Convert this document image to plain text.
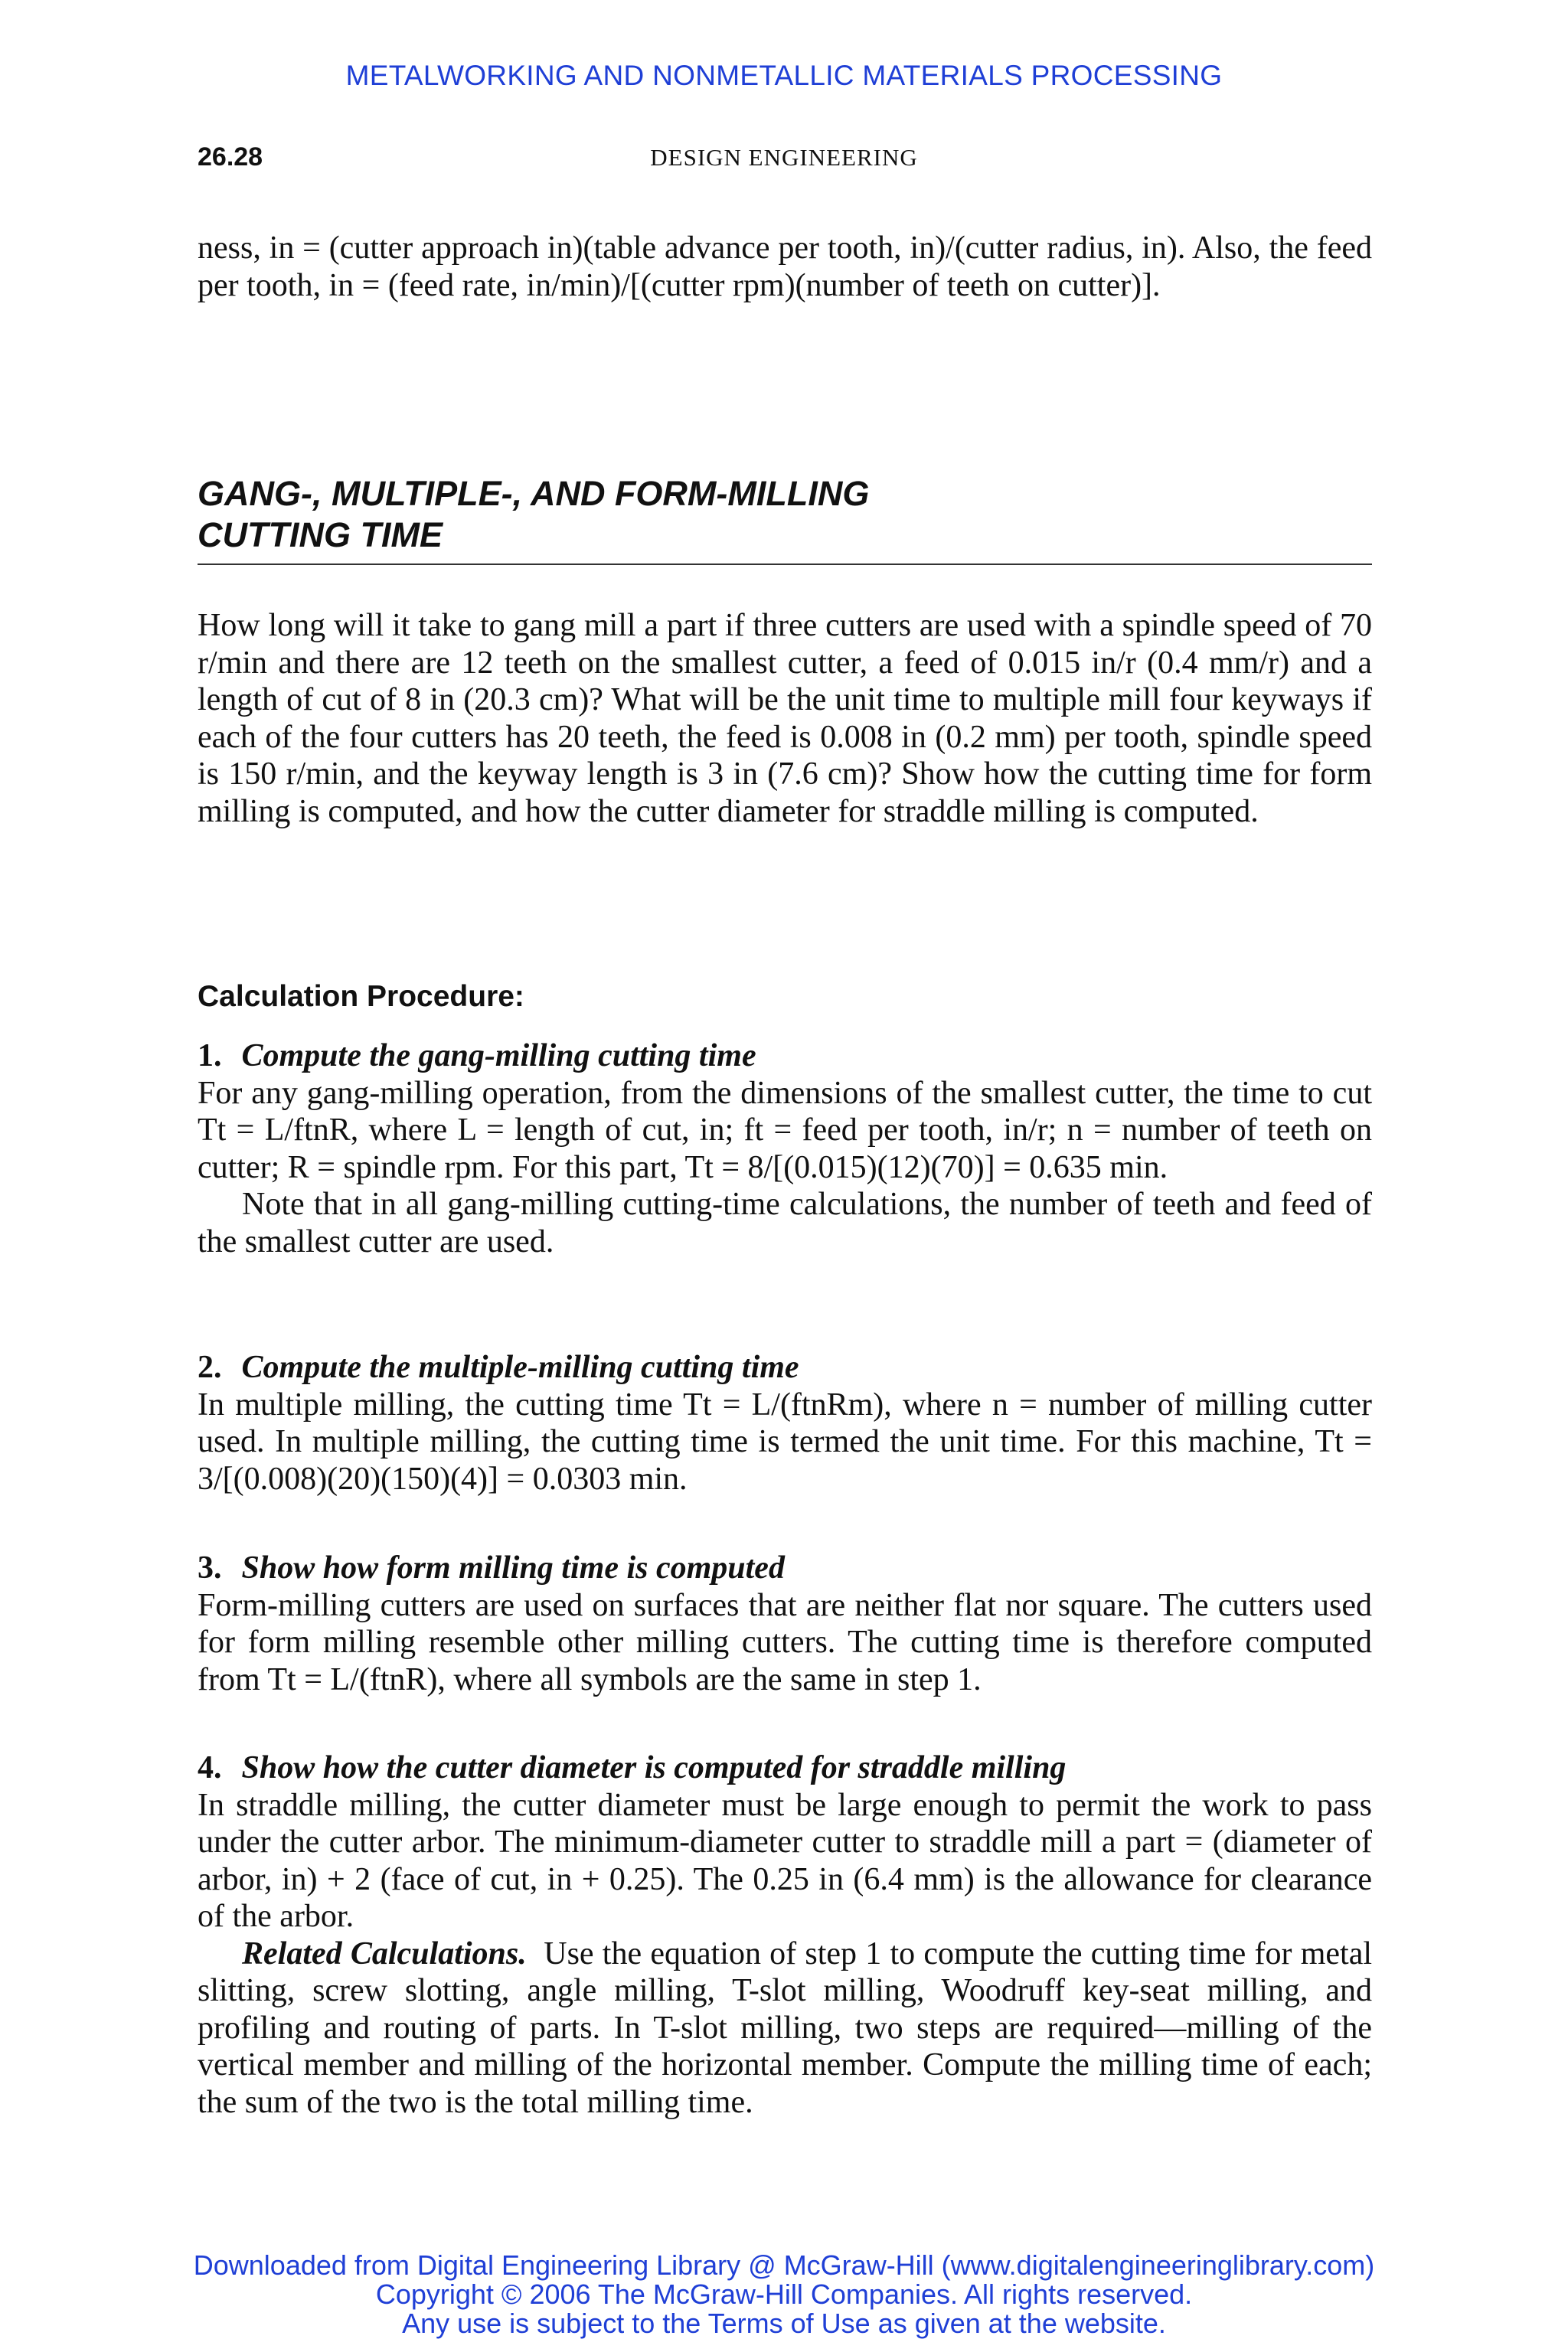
METALWORKING AND NONMETALLIC MATERIALS PROCESSING
26.28	DESIGN ENGINEERING

ness, in = (cutter approach in)(table advance per tooth, in)/(cutter radius, in). Also, the feed per tooth, in = (feed rate, in/min)/[(cutter rpm)(number of teeth on cutter)].

GANG-, MULTIPLE-, AND FORM-MILLING
CUTTING TIME

How long will it take to gang mill a part if three cutters are used with a spindle speed of 70 r/min and there are 12 teeth on the smallest cutter, a feed of 0.015 in/r (0.4 mm/r) and a length of cut of 8 in (20.3 cm)? What will be the unit time to multiple mill four keyways if each of the four cutters has 20 teeth, the feed is 0.008 in (0.2 mm) per tooth, spindle speed is 150 r/min, and the keyway length is 3 in (7.6 cm)? Show how the cutting time for form milling is computed, and how the cutter diameter for straddle milling is computed.

Calculation Procedure:

1. Compute the gang-milling cutting time

For any gang-milling operation, from the dimensions of the smallest cutter, the time to cut Tt = L/ftnR, where L = length of cut, in; ft = feed per tooth, in/r; n = number of teeth on cutter; R = spindle rpm. For this part, Tt = 8/[(0.015)(12)(70)] = 0.635 min.

Note that in all gang-milling cutting-time calculations, the number of teeth and feed of the smallest cutter are used.

2. Compute the multiple-milling cutting time

In multiple milling, the cutting time Tt = L/(ftnRm), where n = number of milling cutter used. In multiple milling, the cutting time is termed the unit time. For this machine, Tt = 3/[(0.008)(20)(150)(4)] = 0.0303 min.

3. Show how form milling time is computed

Form-milling cutters are used on surfaces that are neither flat nor square. The cutters used for form milling resemble other milling cutters. The cutting time is therefore computed from Tt = L/(ftnR), where all symbols are the same in step 1.

4. Show how the cutter diameter is computed for straddle milling

In straddle milling, the cutter diameter must be large enough to permit the work to pass under the cutter arbor. The minimum-diameter cutter to straddle mill a part = (diameter of arbor, in) + 2 (face of cut, in + 0.25). The 0.25 in (6.4 mm) is the allowance for clearance of the arbor.

Related Calculations. Use the equation of step 1 to compute the cutting time for metal slitting, screw slotting, angle milling, T-slot milling, Woodruff key-seat milling, and profiling and routing of parts. In T-slot milling, two steps are required—milling of the vertical member and milling of the horizontal member. Compute the milling time of each; the sum of the two is the total milling time.

Downloaded from Digital Engineering Library @ McGraw-Hill (www.digitalengineeringlibrary.com)
Copyright © 2006 The McGraw-Hill Companies. All rights reserved.
Any use is subject to the Terms of Use as given at the website.
